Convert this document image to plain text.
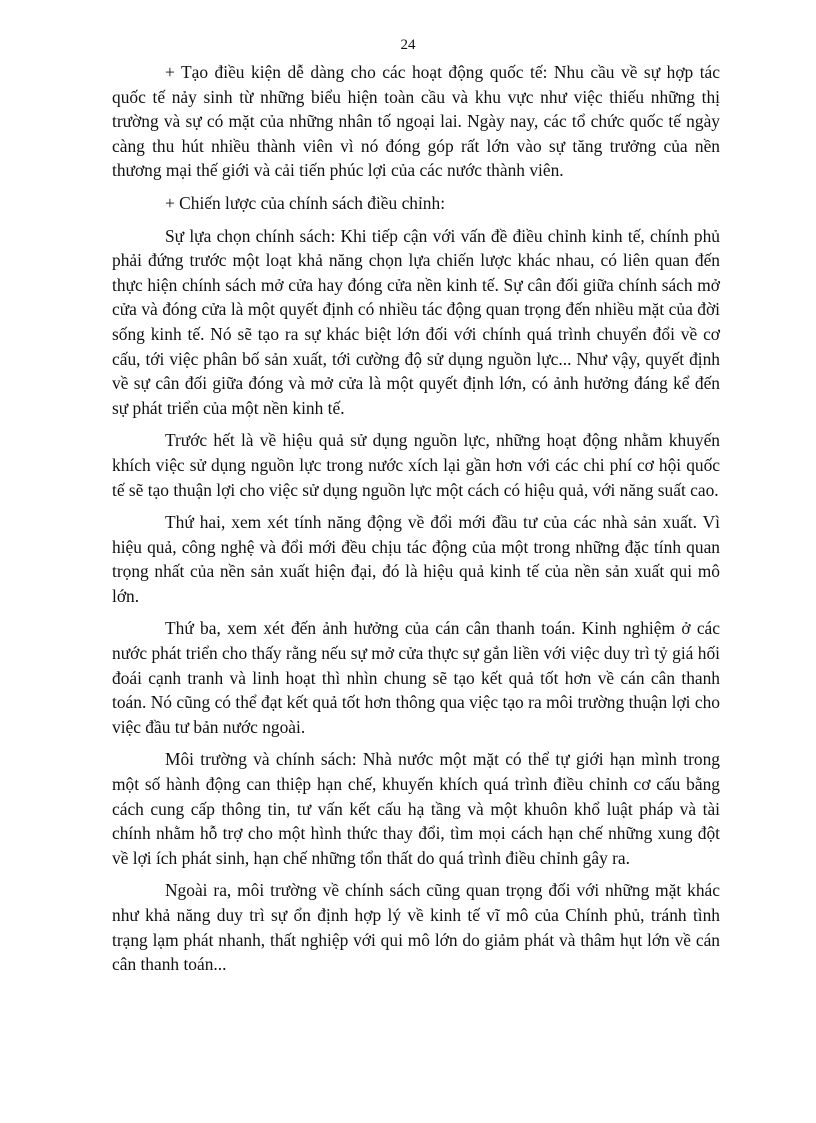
24

+ Tạo điều kiện dễ dàng cho các hoạt động quốc tế: Nhu cầu về sự hợp tác quốc tế nảy sinh từ những biểu hiện toàn cầu và khu vực như việc thiếu những thị trường và sự có mặt của những nhân tố ngoại lai. Ngày nay, các tổ chức quốc tế ngày càng thu hút nhiều thành viên vì nó đóng góp rất lớn vào sự tăng trưởng của nền thương mại thế giới và cải tiến phúc lợi của các nước thành viên.

+ Chiến lược của chính sách điều chỉnh:

Sự lựa chọn chính sách: Khi tiếp cận với vấn đề điều chỉnh kinh tế, chính phủ phải đứng trước một loạt khả năng chọn lựa chiến lược khác nhau, có liên quan đến thực hiện chính sách mở cửa hay đóng cửa nền kinh tế. Sự cân đối giữa chính sách mở cửa và đóng cửa là một quyết định có nhiều tác động quan trọng đến nhiều mặt của đời sống kinh tế. Nó sẽ tạo ra sự khác biệt lớn đối với chính quá trình chuyển đổi về cơ cấu, tới việc phân bố sản xuất, tới cường độ sử dụng nguồn lực... Như vậy, quyết định về sự cân đối giữa đóng và mở cửa là một quyết định lớn, có ảnh hưởng đáng kể đến sự phát triển của một nền kinh tế.

Trước hết là về hiệu quả sử dụng nguồn lực, những hoạt động nhằm khuyến khích việc sử dụng nguồn lực trong nước xích lại gần hơn với các chi phí cơ hội quốc tế sẽ tạo thuận lợi cho việc sử dụng nguồn lực một cách có hiệu quả, với năng suất cao.

Thứ hai, xem xét tính năng động về đổi mới đầu tư của các nhà sản xuất. Vì hiệu quả, công nghệ và đổi mới đều chịu tác động của một trong những đặc tính quan trọng nhất của nền sản xuất hiện đại, đó là hiệu quả kinh tế của nền sản xuất qui mô lớn.

Thứ ba, xem xét đến ảnh hưởng của cán cân thanh toán. Kinh nghiệm ở các nước phát triển cho thấy rằng nếu sự mở cửa thực sự gắn liền với việc duy trì tỷ giá hối đoái cạnh tranh và linh hoạt thì nhìn chung sẽ tạo kết quả tốt hơn về cán cân thanh toán. Nó cũng có thể đạt kết quả tốt hơn thông qua việc tạo ra môi trường thuận lợi cho việc đầu tư bản nước ngoài.

Môi trường và chính sách: Nhà nước một mặt có thể tự giới hạn mình trong một số hành động can thiệp hạn chế, khuyến khích quá trình điều chỉnh cơ cấu bằng cách cung cấp thông tin, tư vấn kết cấu hạ tầng và một khuôn khổ luật pháp và tài chính nhằm hỗ trợ cho một hình thức thay đổi, tìm mọi cách hạn chế những xung đột về lợi ích phát sinh, hạn chế những tổn thất do quá trình điều chỉnh gây ra.

Ngoài ra, môi trường về chính sách cũng quan trọng đối với những mặt khác như khả năng duy trì sự ổn định hợp lý về kinh tế vĩ mô của Chính phủ, tránh tình trạng lạm phát nhanh, thất nghiệp với qui mô lớn do giảm phát và thâm hụt lớn về cán cân thanh toán...
